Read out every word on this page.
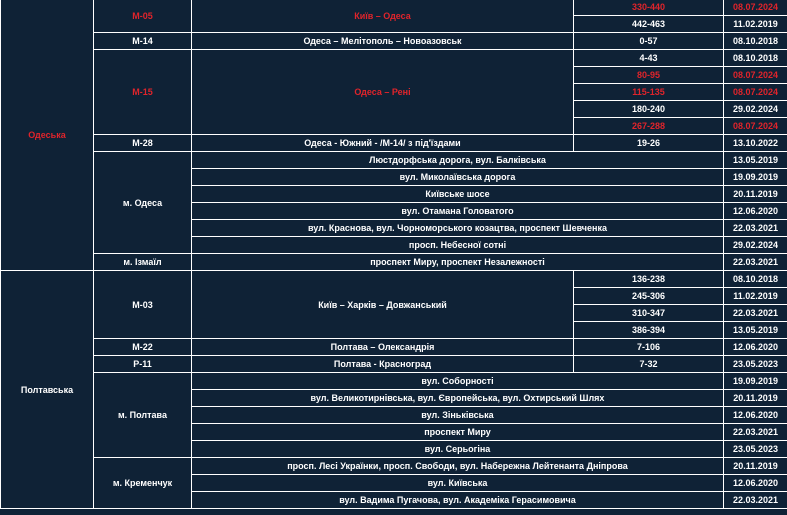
Одеська	М-05	Київ – Одеса	330-440	08.07.2024
			442-463	11.02.2019
	М-14	Одеса – Мелітополь – Новоазовськ	0-57	08.10.2018
	М-15	Одеса – Рені	4-43	08.10.2018
			80-95	08.07.2024
			115-135	08.07.2024
			180-240	29.02.2024
			267-288	08.07.2024
	М-28	Одеса - Южний - /М-14/ з під'їздами	19-26	13.10.2022
	м. Одеса	Люстдорфська дорога, вул. Балківська		13.05.2019
		вул. Миколаївська дорога		19.09.2019
		Київське шосе		20.11.2019
		вул. Отамана Головатого		12.06.2020
		вул. Краснова, вул. Чорноморського козацтва, проспект Шевченка		22.03.2021
		просп. Небесної сотні		29.02.2024
	м. Ізмаїл	проспект Миру, проспект Незалежності		22.03.2021
Полтавська	М-03	Київ – Харків – Довжанський	136-238	08.10.2018
			245-306	11.02.2019
			310-347	22.03.2021
			386-394	13.05.2019
	М-22	Полтава – Олександрія	7-106	12.06.2020
	Р-11	Полтава - Красноград	7-32	23.05.2023
	м. Полтава	вул. Соборності		19.09.2019
		вул. Великотирнівська, вул. Європейська, вул. Охтирський Шлях		20.11.2019
		вул. Зіньківська		12.06.2020
		проспект Миру		22.03.2021
		вул. Серьогіна		23.05.2023
	м. Кременчук	просп. Лесі Українки, просп. Свободи, вул. Набережна Лейтенанта Дніпрова		20.11.2019
		вул. Київська		12.06.2020
		вул. Вадима Пугачова, вул. Академіка Герасимовича		22.03.2021
